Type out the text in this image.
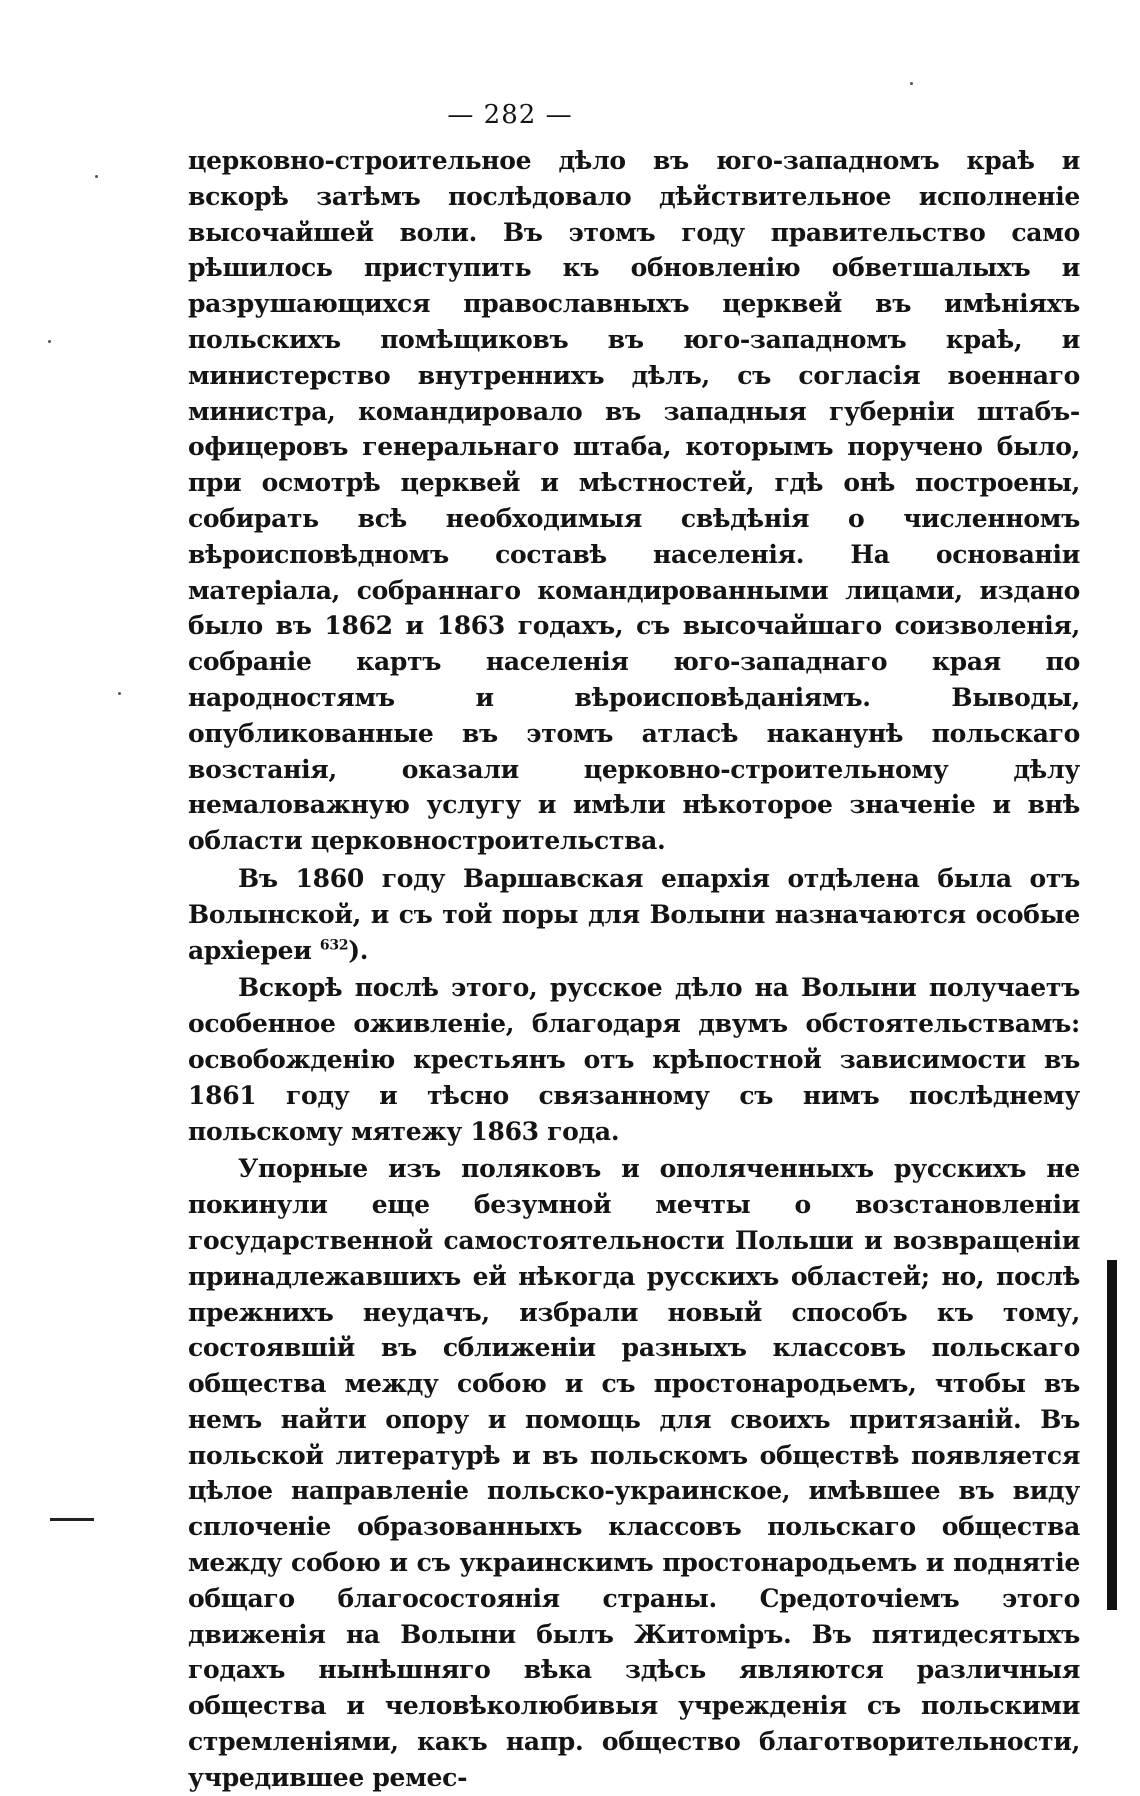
— 282 —

церковно-строительное дѣло въ юго-западномъ краѣ и вскорѣ затѣмъ послѣдовало дѣйствительное исполненіе высочайшей воли. Въ этомъ году правительство само рѣшилось приступить къ обновленію обветшалыхъ и разрушающихся православныхъ церквей въ имѣніяхъ польскихъ помѣщиковъ въ юго-западномъ краѣ, и министерство внутреннихъ дѣлъ, съ согласія военнаго министра, командировало въ западныя губерніи штабъ-офицеровъ генеральнаго штаба, которымъ поручено было, при осмотрѣ церквей и мѣстностей, гдѣ онѣ построены, собирать всѣ необходимыя свѣдѣнія о численномъ вѣроисповѣдномъ составѣ населенія. На основаніи матеріала, собраннаго командированными лицами, издано было въ 1862 и 1863 годахъ, съ высочайшаго соизволенія, собраніе картъ населенія юго-западнаго края по народностямъ и вѣроисповѣданіямъ. Выводы, опубликованные въ этомъ атласѣ наканунѣ польскаго возстанія, оказали церковно-строительному дѣлу немаловажную услугу и имѣли нѣкоторое значеніе и внѣ области церковностроительства.

Въ 1860 году Варшавская епархія отдѣлена была отъ Волынской, и съ той поры для Волыни назначаются особые архіереи $^{632}$).

Вскорѣ послѣ этого, русское дѣло на Волыни получаетъ особенное оживленіе, благодаря двумъ обстоятельствамъ: освобожденію крестьянъ отъ крѣпостной зависимости въ 1861 году и тѣсно связанному съ нимъ послѣднему польскому мятежу 1863 года.

Упорные изъ поляковъ и ополяченныхъ русскихъ не покинули еще безумной мечты о возстановленіи государственной самостоятельности Польши и возвращеніи принадлежавшихъ ей нѣкогда русскихъ областей; но, послѣ прежнихъ неудачъ, избрали новый способъ къ тому, состоявшій въ сближеніи разныхъ классовъ польскаго общества между собою и съ простонародьемъ, чтобы въ немъ найти опору и помощь для своихъ притязаній. Въ польской литературѣ и въ польскомъ обществѣ появляется цѣлое направленіе польско-украинское, имѣвшее въ виду сплоченіе образованныхъ классовъ польскаго общества между собою и съ украинскимъ простонародьемъ и поднятіе общаго благосостоянія страны. Средоточіемъ этого движенія на Волыни былъ Житоміръ. Въ пятидесятыхъ годахъ нынѣшняго вѣка здѣсь являются различныя общества и человѣколюбивыя учрежденія съ польскими стремленіями, какъ напр. общество благотворительности, учредившее ремес-
